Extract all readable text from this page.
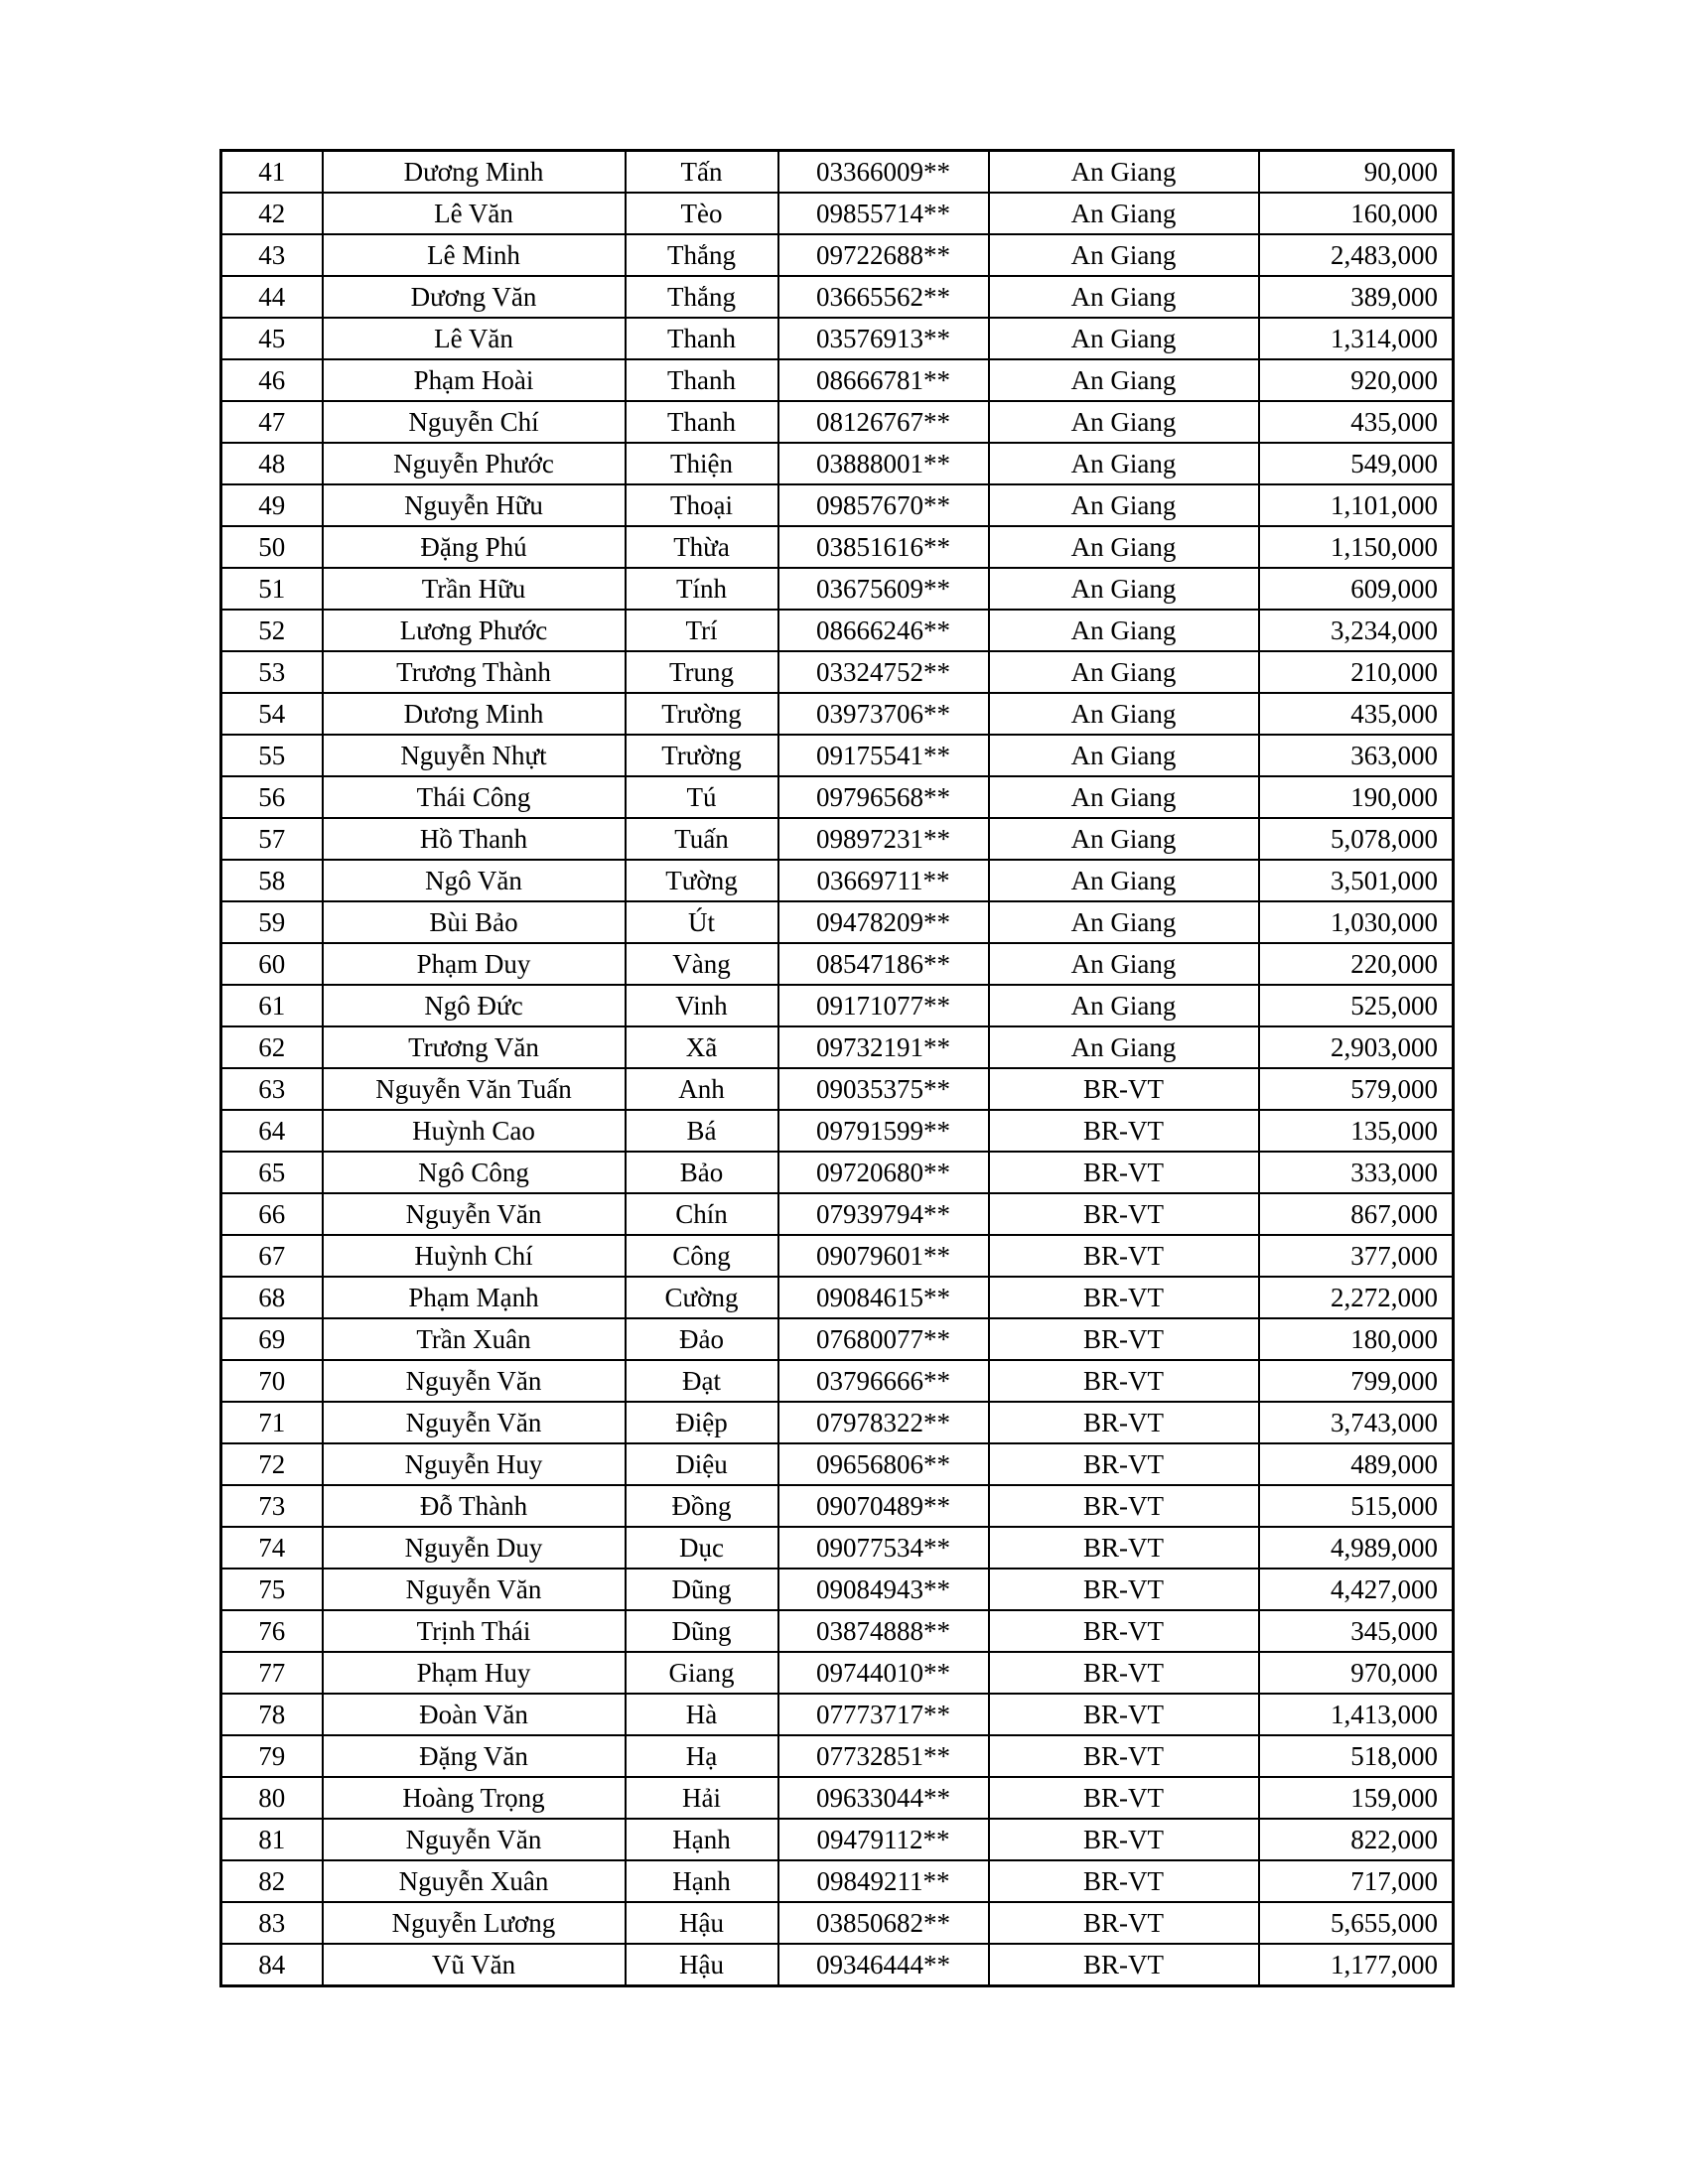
41	Dương Minh	Tấn	03366009**	An Giang	90,000
42	Lê Văn	Tèo	09855714**	An Giang	160,000
43	Lê Minh	Thắng	09722688**	An Giang	2,483,000
44	Dương Văn	Thắng	03665562**	An Giang	389,000
45	Lê Văn	Thanh	03576913**	An Giang	1,314,000
46	Phạm Hoài	Thanh	08666781**	An Giang	920,000
47	Nguyễn Chí	Thanh	08126767**	An Giang	435,000
48	Nguyễn Phước	Thiện	03888001**	An Giang	549,000
49	Nguyễn Hữu	Thoại	09857670**	An Giang	1,101,000
50	Đặng Phú	Thừa	03851616**	An Giang	1,150,000
51	Trần Hữu	Tính	03675609**	An Giang	609,000
52	Lương Phước	Trí	08666246**	An Giang	3,234,000
53	Trương Thành	Trung	03324752**	An Giang	210,000
54	Dương Minh	Trường	03973706**	An Giang	435,000
55	Nguyễn Nhựt	Trường	09175541**	An Giang	363,000
56	Thái Công	Tú	09796568**	An Giang	190,000
57	Hồ Thanh	Tuấn	09897231**	An Giang	5,078,000
58	Ngô Văn	Tường	03669711**	An Giang	3,501,000
59	Bùi Bảo	Út	09478209**	An Giang	1,030,000
60	Phạm Duy	Vàng	08547186**	An Giang	220,000
61	Ngô Đức	Vinh	09171077**	An Giang	525,000
62	Trương Văn	Xã	09732191**	An Giang	2,903,000
63	Nguyễn Văn Tuấn	Anh	09035375**	BR-VT	579,000
64	Huỳnh Cao	Bá	09791599**	BR-VT	135,000
65	Ngô Công	Bảo	09720680**	BR-VT	333,000
66	Nguyễn Văn	Chín	07939794**	BR-VT	867,000
67	Huỳnh Chí	Công	09079601**	BR-VT	377,000
68	Phạm Mạnh	Cường	09084615**	BR-VT	2,272,000
69	Trần Xuân	Đảo	07680077**	BR-VT	180,000
70	Nguyễn Văn	Đạt	03796666**	BR-VT	799,000
71	Nguyễn Văn	Điệp	07978322**	BR-VT	3,743,000
72	Nguyễn Huy	Diệu	09656806**	BR-VT	489,000
73	Đỗ Thành	Đồng	09070489**	BR-VT	515,000
74	Nguyễn Duy	Dục	09077534**	BR-VT	4,989,000
75	Nguyễn Văn	Dũng	09084943**	BR-VT	4,427,000
76	Trịnh Thái	Dũng	03874888**	BR-VT	345,000
77	Phạm Huy	Giang	09744010**	BR-VT	970,000
78	Đoàn Văn	Hà	07773717**	BR-VT	1,413,000
79	Đặng Văn	Hạ	07732851**	BR-VT	518,000
80	Hoàng Trọng	Hải	09633044**	BR-VT	159,000
81	Nguyễn Văn	Hạnh	09479112**	BR-VT	822,000
82	Nguyễn Xuân	Hạnh	09849211**	BR-VT	717,000
83	Nguyễn Lương	Hậu	03850682**	BR-VT	5,655,000
84	Vũ Văn	Hậu	09346444**	BR-VT	1,177,000
